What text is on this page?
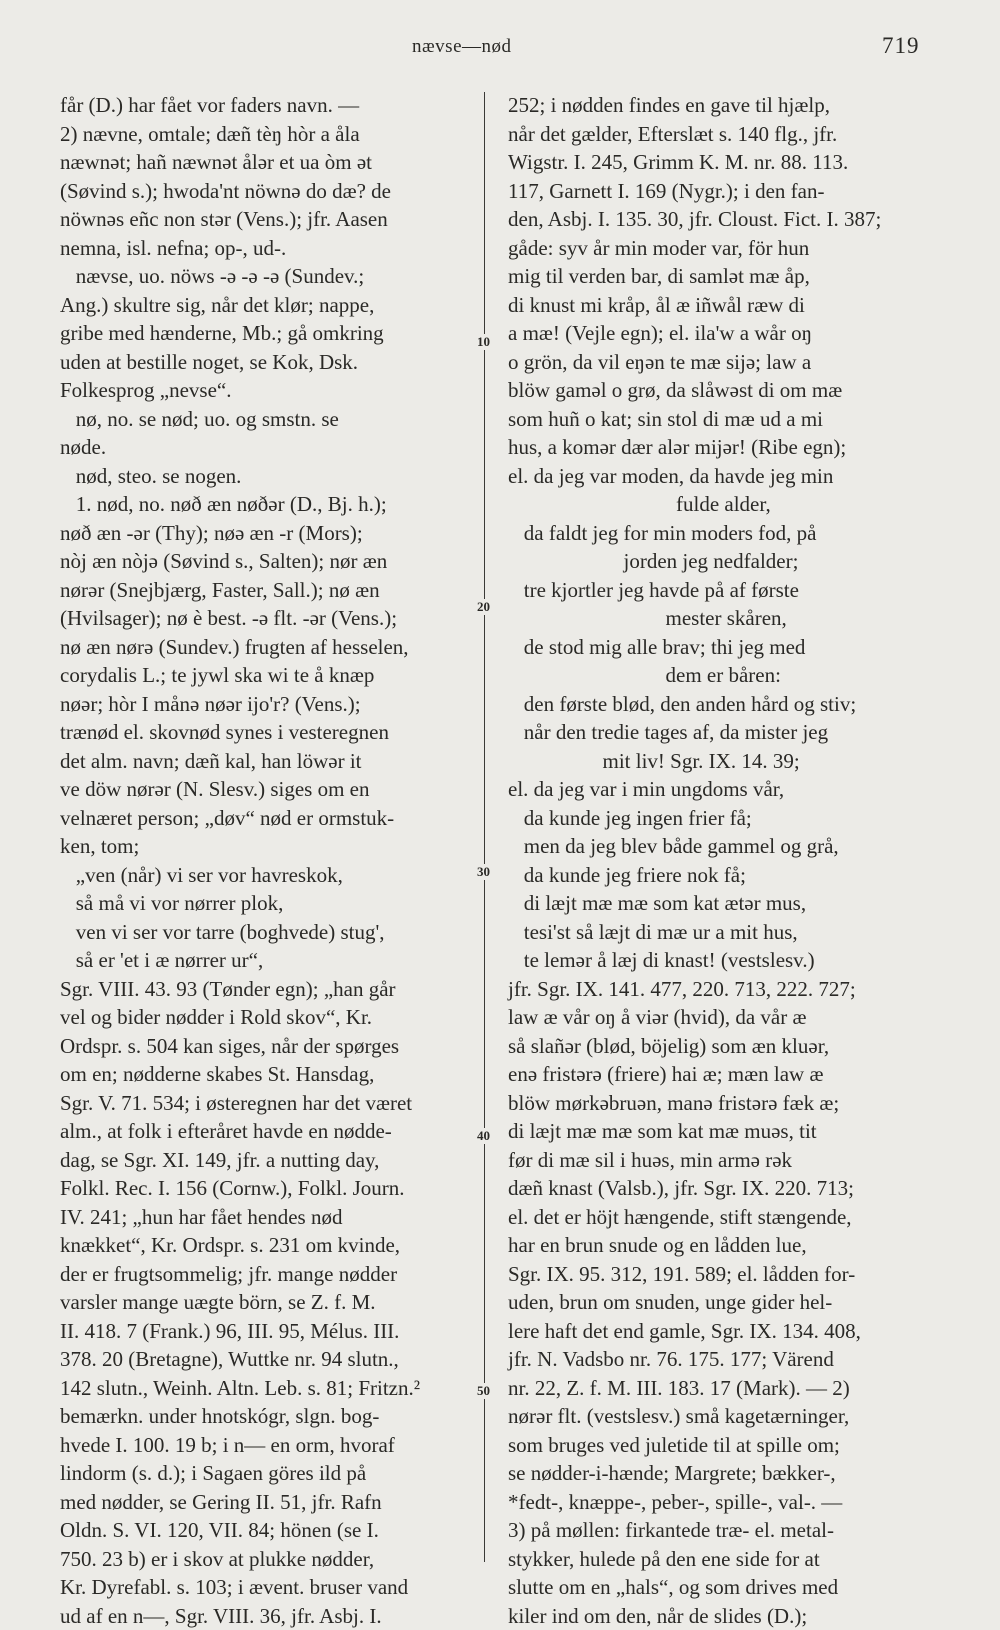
nævse—nød	719
10
20
30
40
50
får (D.) har fået vor faders navn. —
2) nævne, omtale; dæñ tèŋ hòr a åla
næwnət; hañ næwnət ålər et ua òm ət
(Søvind s.); hwoda'nt nöwnə do dæ? de
nöwnəs eñc non stər (Vens.); jfr. Aasen
nemna, isl. nefna; op-, ud-.
nævse, uo. nöws -ə -ə -ə (Sundev.;
Ang.) skultre sig, når det klør; nappe,
gribe med hænderne, Mb.; gå omkring
uden at bestille noget, se Kok, Dsk.
Folkesprog „nevse“.
nø, no. se nød; uo. og smstn. se
nøde.
nød, steo. se nogen.
1. nød, no. nøð æn nøðər (D., Bj. h.);
nøð æn -ər (Thy); nøə æn -r (Mors);
nòj æn nòjə (Søvind s., Salten); nør æn
nørər (Snejbjærg, Faster, Sall.); nø æn
(Hvilsager); nø è best. -ə flt. -ər (Vens.);
nø æn nørə (Sundev.) frugten af hesselen,
corydalis L.; te jywl ska wi te å knæp
nøər; hòr I månə nøər ijo'r? (Vens.);
trænød el. skovnød synes i vesteregnen
det alm. navn; dæñ kal, han löwər it
ve döw nørər (N. Slesv.) siges om en
velnæret person; „døv“ nød er ormstuk-
ken, tom;
„ven (når) vi ser vor havreskok,
så må vi vor nørrer plok,
ven vi ser vor tarre (boghvede) stug',
så er 'et i æ nørrer ur“,
Sgr. VIII. 43. 93 (Tønder egn); „han går
vel og bider nødder i Rold skov“, Kr.
Ordspr. s. 504 kan siges, når der spørges
om en; nødderne skabes St. Hansdag,
Sgr. V. 71. 534; i østeregnen har det været
alm., at folk i efteråret havde en nødde-
dag, se Sgr. XI. 149, jfr. a nutting day,
Folkl. Rec. I. 156 (Cornw.), Folkl. Journ.
IV. 241; „hun har fået hendes nød
knækket“, Kr. Ordspr. s. 231 om kvinde,
der er frugtsommelig; jfr. mange nødder
varsler mange uægte börn, se Z. f. M.
II. 418. 7 (Frank.) 96, III. 95, Mélus. III.
378. 20 (Bretagne), Wuttke nr. 94 slutn.,
142 slutn., Weinh. Altn. Leb. s. 81; Fritzn.²
bemærkn. under hnotskógr, slgn. bog-
hvede I. 100. 19 b; i n— en orm, hvoraf
lindorm (s. d.); i Sagaen göres ild på
med nødder, se Gering II. 51, jfr. Rafn
Oldn. S. VI. 120, VII. 84; hönen (se I.
750. 23 b) er i skov at plukke nødder,
Kr. Dyrefabl. s. 103; i ævent. bruser vand
ud af en n—, Sgr. VIII. 36, jfr. Asbj. I.
252; i nødden findes en gave til hjælp,
når det gælder, Efterslæt s. 140 flg., jfr.
Wigstr. I. 245, Grimm K. M. nr. 88. 113.
117, Garnett I. 169 (Nygr.); i den fan-
den, Asbj. I. 135. 30, jfr. Cloust. Fict. I. 387;
gåde: syv år min moder var, för hun
mig til verden bar, di samlət mæ åp,
di knust mi kråp, ål æ iñwål ræw di
a mæ! (Vejle egn); el. ila'w a wår oŋ
o grön, da vil eŋən te mæ sijə; law a
blöw gaməl o grø, da slåwəst di om mæ
som huñ o kat; sin stol di mæ ud a mi
hus, a komər dær alər mijər! (Ribe egn);
el. da jeg var moden, da havde jeg min
fulde alder,
da faldt jeg for min moders fod, på
jorden jeg nedfalder;
tre kjortler jeg havde på af første
mester skåren,
de stod mig alle brav; thi jeg med
dem er båren:
den første blød, den anden hård og stiv;
når den tredie tages af, da mister jeg
mit liv! Sgr. IX. 14. 39;
el. da jeg var i min ungdoms vår,
da kunde jeg ingen frier få;
men da jeg blev både gammel og grå,
da kunde jeg friere nok få;
di læjt mæ mæ som kat ætər mus,
tesi'st så læjt di mæ ur a mit hus,
te lemər å læj di knast! (vestslesv.)
jfr. Sgr. IX. 141. 477, 220. 713, 222. 727;
law æ vår oŋ å viər (hvid), da vår æ
så slañər (blød, böjelig) som æn kluər,
enə fristərə (friere) hai æ; mæn law æ
blöw mørkəbruən, manə fristərə fæk æ;
di læjt mæ mæ som kat mæ muəs, tit
før di mæ sil i huəs, min armə rək
dæñ knast (Valsb.), jfr. Sgr. IX. 220. 713;
el. det er höjt hængende, stift stængende,
har en brun snude og en lådden lue,
Sgr. IX. 95. 312, 191. 589; el. lådden for-
uden, brun om snuden, unge gider hel-
lere haft det end gamle, Sgr. IX. 134. 408,
jfr. N. Vadsbo nr. 76. 175. 177; Värend
nr. 22, Z. f. M. III. 183. 17 (Mark). — 2)
nørər flt. (vestslesv.) små kagetærninger,
som bruges ved juletide til at spille om;
se nødder-i-hænde; Margrete; bækker-,
*fedt-, knæppe-, peber-, spille-, val-. —
3) på møllen: firkantede træ- el. metal-
stykker, hulede på den ene side for at
slutte om en „hals“, og som drives med
kiler ind om den, når de slides (D.);
